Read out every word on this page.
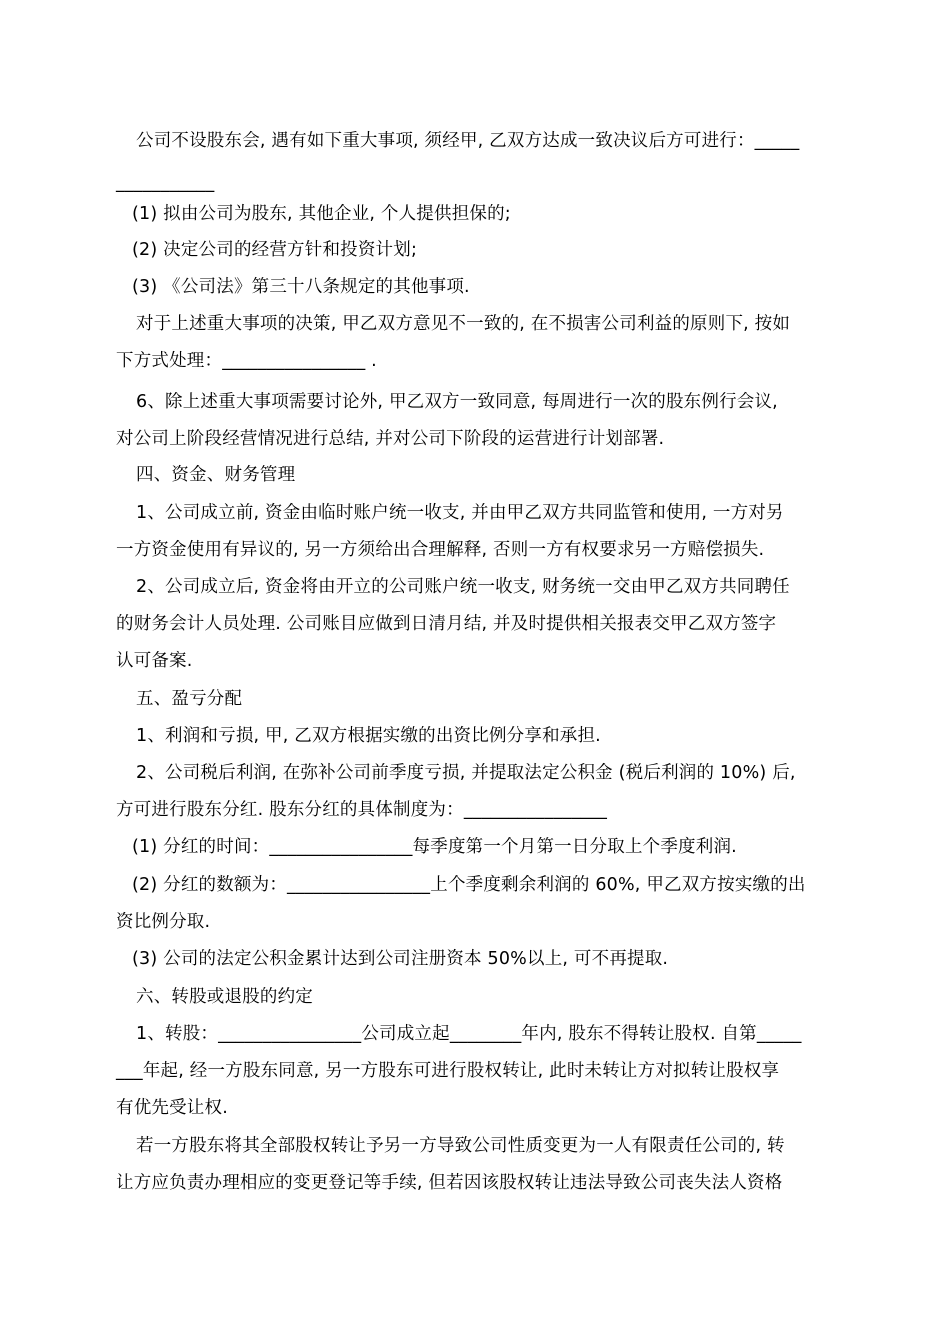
公司不设股东会, 遇有如下重大事项, 须经甲, 乙双方达成一致决议后方可进行：_____
___________
(1) 拟由公司为股东, 其他企业, 个人提供担保的;
(2) 决定公司的经营方针和投资计划;
(3) 《公司法》第三十八条规定的其他事项.
对于上述重大事项的决策, 甲乙双方意见不一致的, 在不损害公司利益的原则下, 按如
下方式处理：________________ .
6、除上述重大事项需要讨论外, 甲乙双方一致同意, 每周进行一次的股东例行会议,
对公司上阶段经营情况进行总结, 并对公司下阶段的运营进行计划部署.
四、资金、财务管理
1、公司成立前, 资金由临时账户统一收支, 并由甲乙双方共同监管和使用, 一方对另
一方资金使用有异议的, 另一方须给出合理解释, 否则一方有权要求另一方赔偿损失.
2、公司成立后, 资金将由开立的公司账户统一收支, 财务统一交由甲乙双方共同聘任
的财务会计人员处理. 公司账目应做到日清月结, 并及时提供相关报表交甲乙双方签字
认可备案.
五、盈亏分配
1、利润和亏损, 甲, 乙双方根据实缴的出资比例分享和承担.
2、公司税后利润, 在弥补公司前季度亏损, 并提取法定公积金 (税后利润的 10%) 后,
方可进行股东分红. 股东分红的具体制度为：________________
(1) 分红的时间：________________每季度第一个月第一日分取上个季度利润.
(2) 分红的数额为：________________上个季度剩余利润的 60%, 甲乙双方按实缴的出
资比例分取.
(3) 公司的法定公积金累计达到公司注册资本 50%以上, 可不再提取.
六、转股或退股的约定
1、转股：________________公司成立起________年内, 股东不得转让股权. 自第_____
___年起, 经一方股东同意, 另一方股东可进行股权转让, 此时未转让方对拟转让股权享
有优先受让权.
若一方股东将其全部股权转让予另一方导致公司性质变更为一人有限责任公司的, 转
让方应负责办理相应的变更登记等手续, 但若因该股权转让违法导致公司丧失法人资格
